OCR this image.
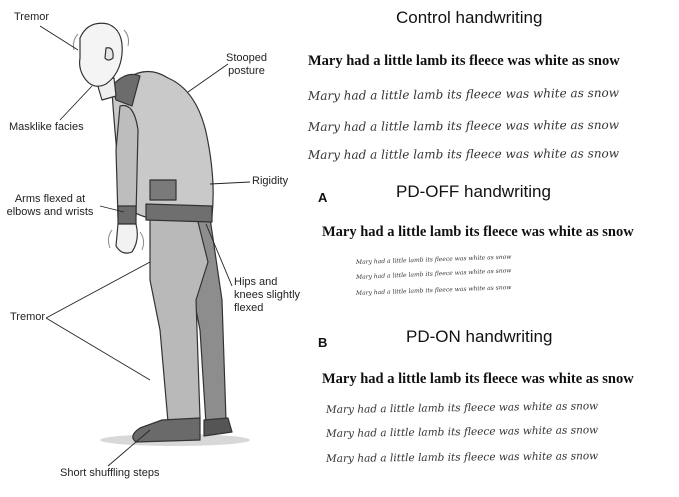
Tremor
Stooped
posture
Masklike facies
Rigidity
Arms flexed at
elbows and wrists
Hips and
knees slightly
flexed
Tremor
Short shuffling steps
Control handwriting
Mary had a little lamb its fleece was white as snow
Mary had a little lamb its fleece was white as snow
Mary had a little lamb its fleece was white as snow
Mary had a little lamb its fleece was white as snow
A	PD-OFF handwriting
Mary had a little lamb its fleece was white as snow
Mary had a little lamb its fleece was white as snow
Mary had a little lamb its fleece was white as snow
Mary had a little lamb its fleece was white as snow
B	PD-ON handwriting
Mary had a little lamb its fleece was white as snow
Mary had a little lamb its fleece was white as snow
Mary had a little lamb its fleece was white as snow
Mary had a little lamb its fleece was white as snow
